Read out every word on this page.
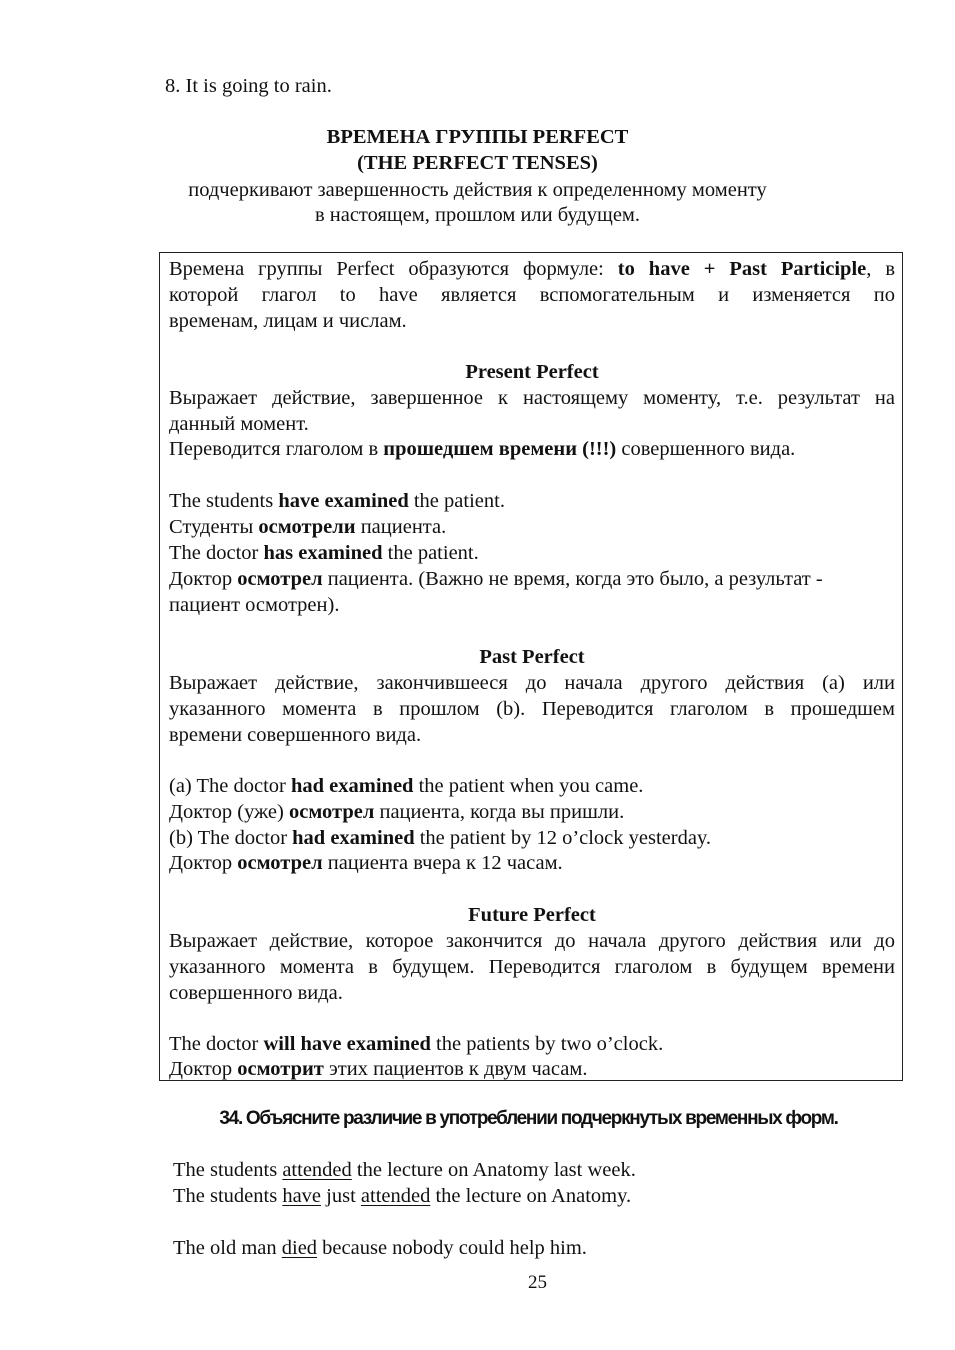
8. It is going to rain.
ВРЕМЕНА ГРУППЫ PERFECT
(THE PERFECT TENSES)
подчеркивают завершенность действия к определенному моменту
в настоящем, прошлом или будущем.
Времена группы Perfect образуются формуле: to have + Past Participle, в
которой глагол to have является вспомогательным и изменяется по
временам, лицам и числам.
Present Perfect
Выражает действие, завершенное к настоящему моменту, т.е. результат на
данный момент.
Переводится глаголом в прошедшем времени (!!!) совершенного вида.
The students have examined the patient.
Студенты осмотрели пациента.
The doctor has examined the patient.
Доктор осмотрел пациента. (Важно не время, когда это было, а результат -
пациент осмотрен).
Past Perfect
Выражает действие, закончившееся до начала другого действия (a) или
указанного момента в прошлом (b). Переводится глаголом в прошедшем
времени совершенного вида.
(a) The doctor had examined the patient when you came.
Доктор (уже) осмотрел пациента, когда вы пришли.
(b) The doctor had examined the patient by 12 o’clock yesterday.
Доктор осмотрел пациента вчера к 12 часам.
Future Perfect
Выражает действие, которое закончится до начала другого действия или до
указанного момента в будущем. Переводится глаголом в будущем времени
совершенного вида.
The doctor will have examined the patients by two o’clock.
Доктор осмотрит этих пациентов к двум часам.
34. Объясните различие в употреблении подчеркнутых временных форм.
The students attended the lecture on Anatomy last week.
The students have just attended the lecture on Anatomy.
The old man died because nobody could help him.
25
